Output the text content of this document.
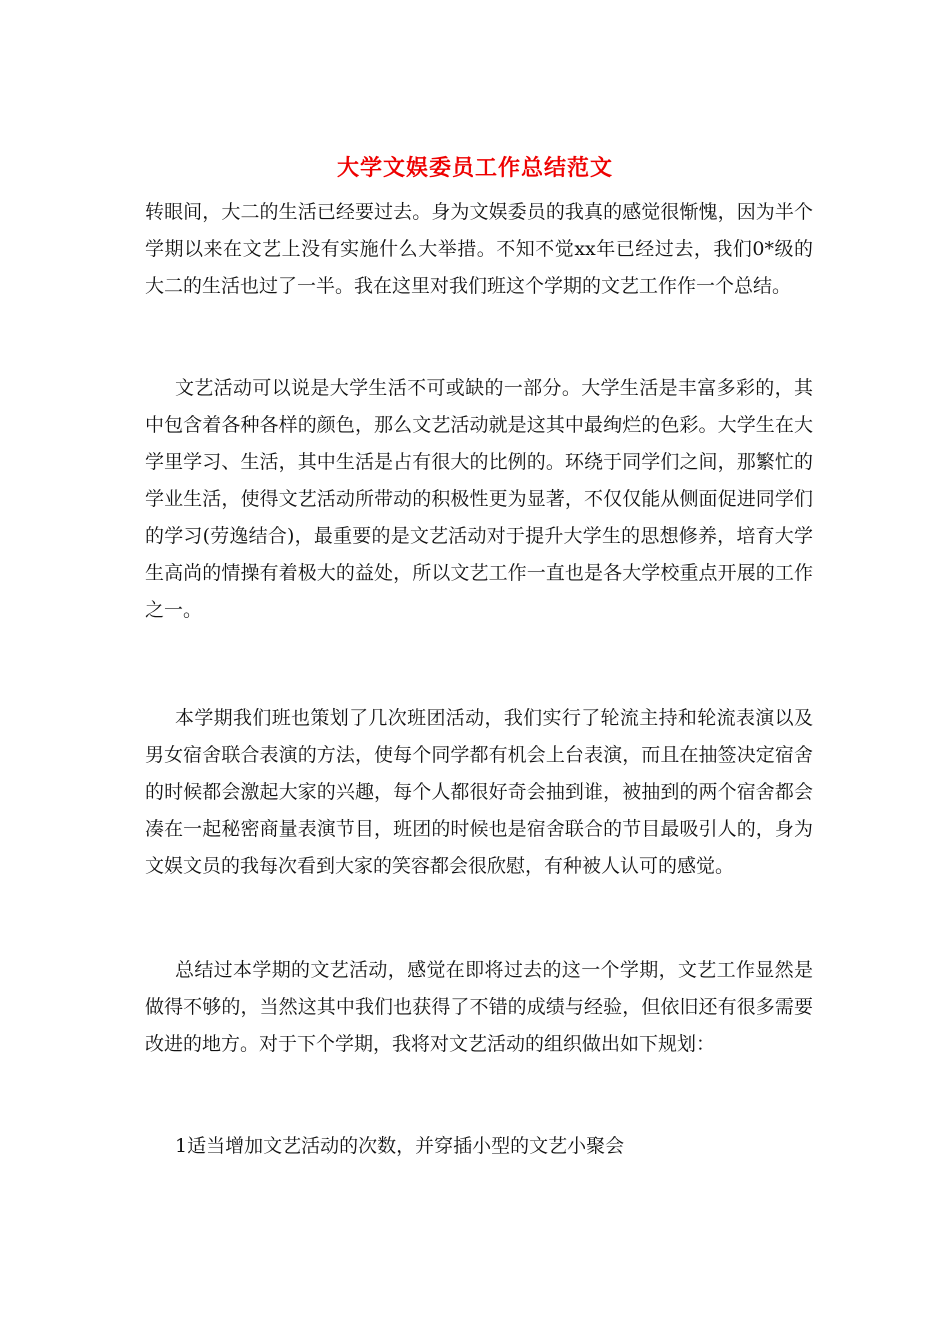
大学文娱委员工作总结范文

转眼间，大二的生活已经要过去。身为文娱委员的我真的感觉很惭愧，因为半个学期以来在文艺上没有实施什么大举措。不知不觉xx年已经过去，我们0*级的大二的生活也过了一半。我在这里对我们班这个学期的文艺工作作一个总结。

文艺活动可以说是大学生活不可或缺的一部分。大学生活是丰富多彩的，其中包含着各种各样的颜色，那么文艺活动就是这其中最绚烂的色彩。大学生在大学里学习、生活，其中生活是占有很大的比例的。环绕于同学们之间，那繁忙的学业生活，使得文艺活动所带动的积极性更为显著，不仅仅能从侧面促进同学们的学习(劳逸结合)，最重要的是文艺活动对于提升大学生的思想修养，培育大学生高尚的情操有着极大的益处，所以文艺工作一直也是各大学校重点开展的工作之一。

本学期我们班也策划了几次班团活动，我们实行了轮流主持和轮流表演以及男女宿舍联合表演的方法，使每个同学都有机会上台表演，而且在抽签决定宿舍的时候都会激起大家的兴趣，每个人都很好奇会抽到谁，被抽到的两个宿舍都会凑在一起秘密商量表演节目，班团的时候也是宿舍联合的节目最吸引人的，身为文娱文员的我每次看到大家的笑容都会很欣慰，有种被人认可的感觉。

总结过本学期的文艺活动，感觉在即将过去的这一个学期，文艺工作显然是做得不够的，当然这其中我们也获得了不错的成绩与经验，但依旧还有很多需要改进的地方。对于下个学期，我将对文艺活动的组织做出如下规划：

1适当增加文艺活动的次数，并穿插小型的文艺小聚会
